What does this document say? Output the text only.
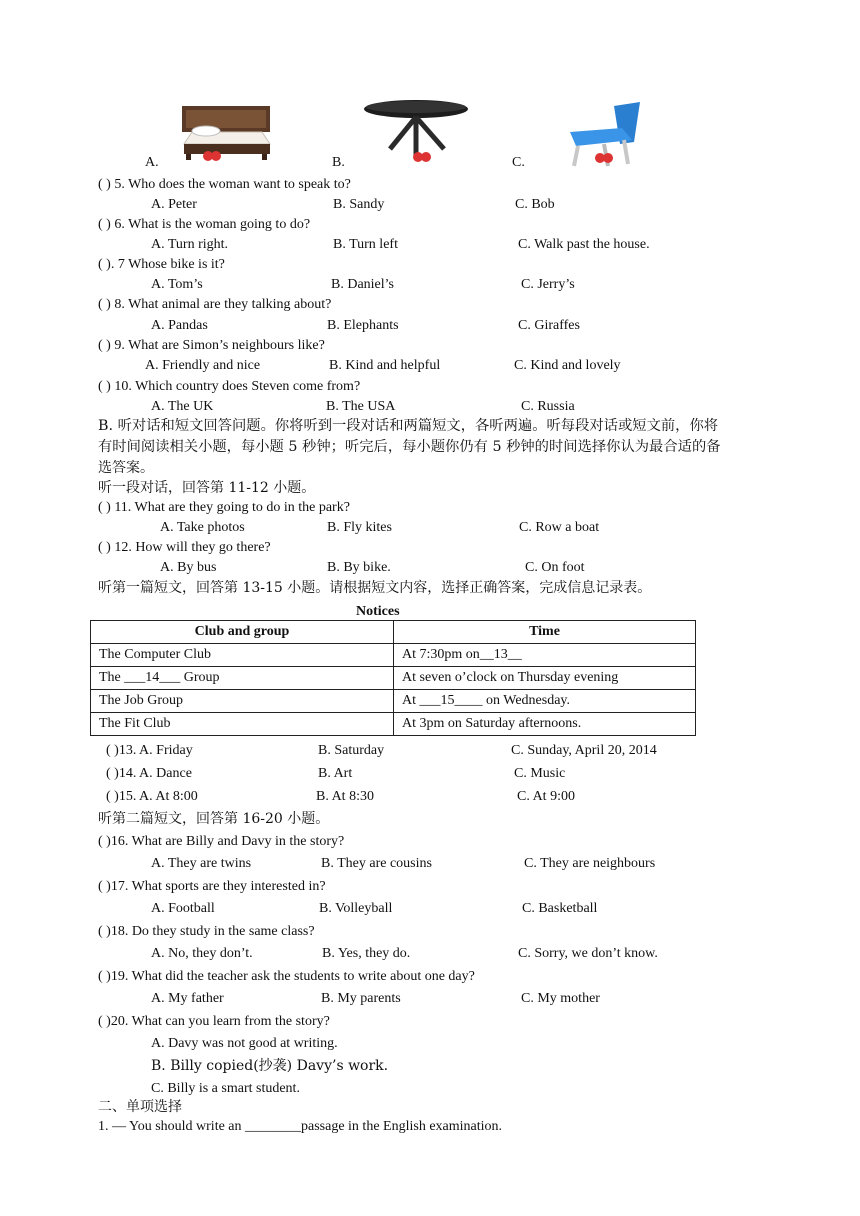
A.	B.	C.
( ) 5. Who does the woman want to speak to?
A. Peter	B. Sandy	C. Bob
( ) 6. What is the woman going to do?
A. Turn right.	B. Turn left	C. Walk past the house.
( ). 7 Whose bike is it?
A. Tom’s	B. Daniel’s	C. Jerry’s
( ) 8. What animal are they talking about?
A. Pandas	B. Elephants	C. Giraffes
( ) 9. What are Simon’s neighbours like?
A. Friendly and nice	B. Kind and helpful	C. Kind and lovely
( ) 10. Which country does Steven come from?
A. The UK	B. The USA	C. Russia
B. 听对话和短文回答问题。你将听到一段对话和两篇短文，各听两遍。听每段对话或短文前，你将
有时间阅读相关小题，每小题 5 秒钟；听完后，每小题你仍有 5 秒钟的时间选择你认为最合适的备
选答案。
听一段对话，回答第 11-12 小题。
( ) 11. What are they going to do in the park?
A. Take photos	B. Fly kites	C. Row a boat
( ) 12. How will they go there?
A. By bus	B. By bike.	C. On foot
听第一篇短文，回答第 13-15 小题。请根据短文内容，选择正确答案，完成信息记录表。
Notices
Club and group	Time
The Computer Club	At 7:30pm on__13__
The ___14___ Group	At seven o’clock on Thursday evening
The Job Group	At ___15____ on Wednesday.
The Fit Club	At 3pm on Saturday afternoons.
( )13. A. Friday	B. Saturday	C. Sunday, April 20, 2014
( )14. A. Dance	B. Art	C. Music
( )15. A. At 8:00	B. At 8:30	C. At 9:00
听第二篇短文，回答第 16-20 小题。
( )16. What are Billy and Davy in the story?
A. They are twins	B. They are cousins	C. They are neighbours
( )17. What sports are they interested in?
A. Football	B. Volleyball	C. Basketball
( )18. Do they study in the same class?
A. No, they don’t.	B. Yes, they do.	C. Sorry, we don’t know.
( )19. What did the teacher ask the students to write about one day?
A. My father	B. My parents	C. My mother
( )20. What can you learn from the story?
A. Davy was not good at writing.
B. Billy copied(抄袭) Davy’s work.
C. Billy is a smart student.
二、单项选择
1. — You should write an ________passage in the English examination.
